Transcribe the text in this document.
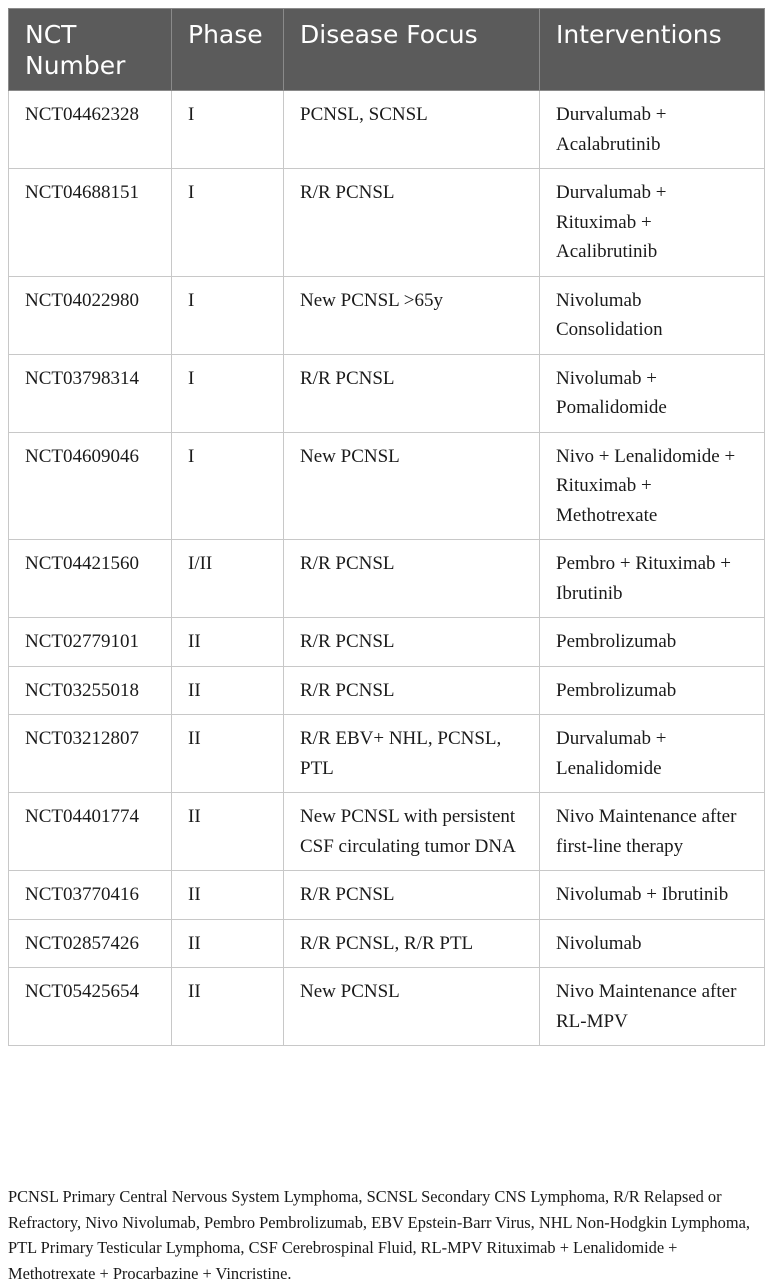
NCT Number	Phase	Disease Focus	Interventions
NCT04462328	I	PCNSL, SCNSL	Durvalumab + Acalabrutinib
NCT04688151	I	R/R PCNSL	Durvalumab + Rituximab + Acalibrutinib
NCT04022980	I	New PCNSL >65y	Nivolumab Consolidation
NCT03798314	I	R/R PCNSL	Nivolumab + Pomalidomide
NCT04609046	I	New PCNSL	Nivo + Lenalidomide + Rituximab + Methotrexate
NCT04421560	I/II	R/R PCNSL	Pembro + Rituximab + Ibrutinib
NCT02779101	II	R/R PCNSL	Pembrolizumab
NCT03255018	II	R/R PCNSL	Pembrolizumab
NCT03212807	II	R/R EBV+ NHL, PCNSL, PTL	Durvalumab + Lenalidomide
NCT04401774	II	New PCNSL with persistent CSF circulating tumor DNA	Nivo Maintenance after first-line therapy
NCT03770416	II	R/R PCNSL	Nivolumab + Ibrutinib
NCT02857426	II	R/R PCNSL, R/R PTL	Nivolumab
NCT05425654	II	New PCNSL	Nivo Maintenance after RL-MPV

PCNSL Primary Central Nervous System Lymphoma, SCNSL Secondary CNS Lymphoma, R/R Relapsed or Refractory, Nivo Nivolumab, Pembro Pembrolizumab, EBV Epstein-Barr Virus, NHL Non-Hodgkin Lymphoma, PTL Primary Testicular Lymphoma, CSF Cerebrospinal Fluid, RL-MPV Rituximab + Lenalidomide + Methotrexate + Procarbazine + Vincristine.
